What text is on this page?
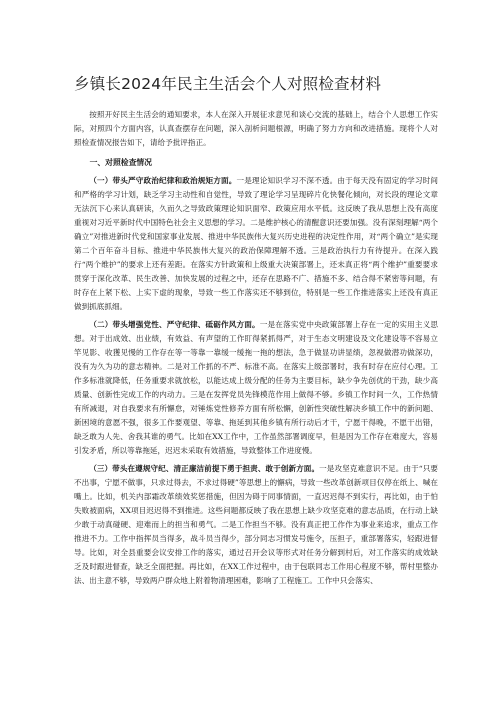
乡镇长2024年民主生活会个人对照检查材料

按照开好民主生活会的通知要求，本人在深入开展征求意见和谈心交流的基础上，结合个人思想工作实际，对照四个方面内容，认真查摆存在问题，深入剖析问题根源，明确了努力方向和改进措施。现将个人对照检查情况报告如下，请给予批评指正。

一、对照检查情况

（一）带头严守政治纪律和政治规矩方面。一是理论知识学习不深不透。由于每天没有固定的学习时间和严格的学习计划，缺乏学习主动性和自觉性，导致了理论学习呈现碎片化快餐化倾向，对长段的理论文章无法沉下心来认真研读，久而久之导致政策理论知识面窄、政策应用水平低。这反映了我从思想上没有高度重视对习近平新时代中国特色社会主义思想的学习。二是维护核心的清醒意识还要加强。没有深刻理解“两个确立”对推进新时代党和国家事业发展、推进中华民族伟大复兴历史进程的决定性作用，对“两个确立”是实现第二个百年奋斗目标、推进中华民族伟大复兴的政治保障理解不透。三是政治执行力有待提升。在深入践行“两个维护”的要求上还有差距。在落实方针政策和上级重大决策部署上，还未真正将“两个维护”重要要求贯穿于深化改革、民生改善、加快发展的过程之中，还存在思路不广、措施不多、结合得不紧密等问题，有时存在上紧下松、上实下虚的现象，导致一些工作落实还不够到位，特别是一些工作推进落实上还没有真正做到抓底抓细。

（二）带头增强党性、严守纪律、砥砺作风方面。一是在落实党中央政策部署上存在一定的实用主义思想。对于出成效、出业绩，有效益、有声望的工作盯得紧抓得严，对于生态文明建设及文化建设等不容易立竿见影、收獲见慢的工作存在等一等靠一靠缓一缓拖一拖的想法，急于做显功讲显绩，忽视做潜功做深功，没有为久为功的意志精神。二是对工作抓的不严、标准不高。在落实上级部署时，我有时存在应付心理。工作多标准就降低，任务重要求就放松，以能达成上级分配的任务为主要目标，缺少争先创优的干劲，缺少高质量、创新性完成工作的内动力。三是在发挥党员先锋模范作用上做得不够。乡镇工作时间一久，工作热情有所减退，对自我要求有所懈怠，对锤炼党性修养方面有所松懈，创新性突破性解决乡镇工作中的新问题、新困境的意愿不强，很多工作要观望、等靠、拖延到其他乡镇有所行动后才干，宁愿干得晚，不愿干出错，缺乏敢为人先、舍我其谁的勇气。比如在XX工作中，工作虽然部署调度早，但是因为工作存在难度大，容易引发矛盾，所以等靠拖延，迟迟未采取有效措施，导致整体工作进度慢。

（三）带头在遵规守纪、清正廉洁前提下勇于担责、敢于创新方面。一是攻坚克难意识不足。由于“只要不出事，宁愿不做事，只求过得去，不求过得硬”等思想上的懈病，导致一些改革创新项目仅停在纸上、喊在嘴上。比如，机关内部霜改革绩效奖惩措施，但因为碍于同事情面，一直迟迟得不到实行，再比如，由于怕失败被面病，XX项目迟迟得不到推进。这些问题都反映了我在思想上缺少攻坚克难的意志品质，在行动上缺少敢于动真碰硬、迎难而上的担当和勇气。二是工作担当不够。没有真正把工作作为事业来追求，重点工作推进不力。工作中指挥员当得多，战斗员当得少，部分同志习惯发号施令，压担子，重部署落实，轻跟进督导。比如，对全县重要会议安排工作的落实，通过召开会议等形式对任务分解到村后，对工作落实的成效缺乏及时跟进督查，缺乏全面把握。再比如，在XX工作过程中，由于包联同志工作用心程度不够，帮村里整办法、出主意不够，导致两户群众地上附着物清理困难，影响了工程施工。工作中只会落实、
